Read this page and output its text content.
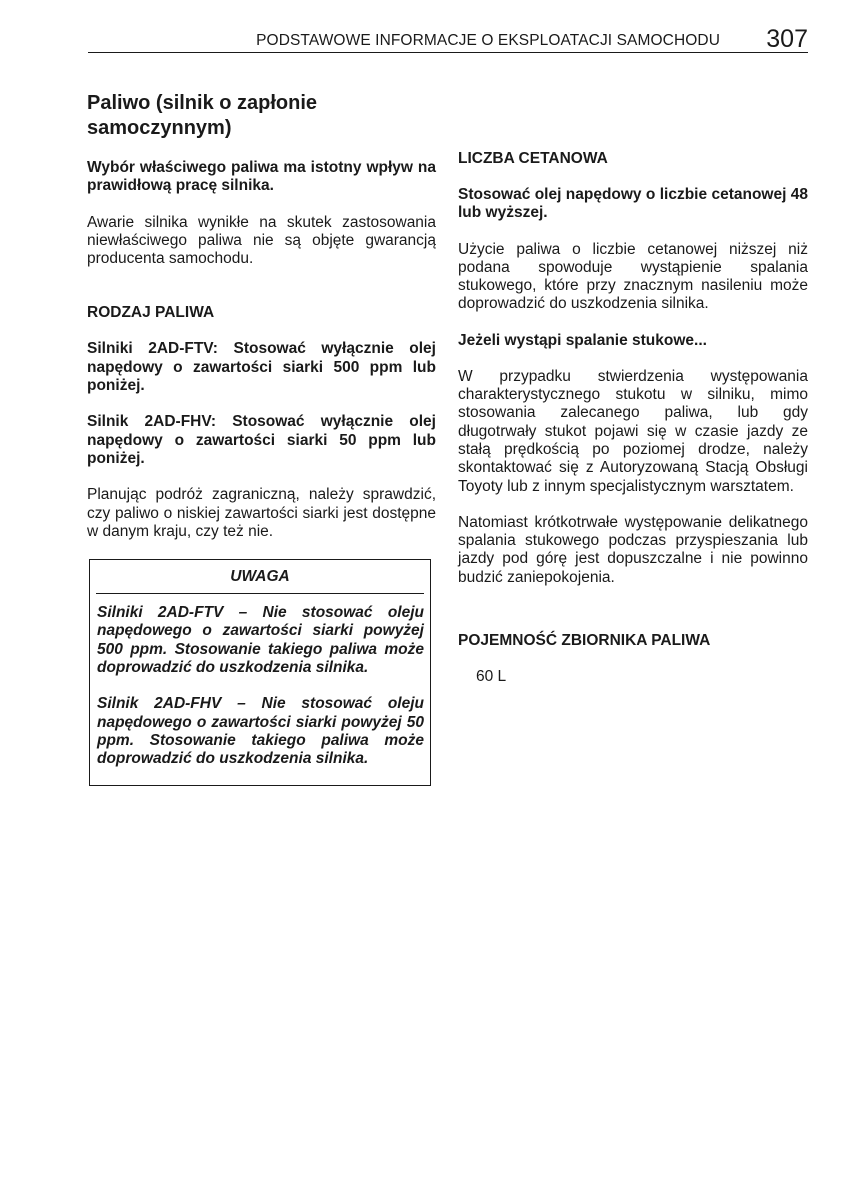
PODSTAWOWE INFORMACJE O EKSPLOATACJI SAMOCHODU 307
Paliwo (silnik o zapłonie
samoczynnym)

Wybór właściwego paliwa ma istotny wpływ na prawidłową pracę silnika.

Awarie silnika wynikłe na skutek zastosowania niewłaściwego paliwa nie są objęte gwarancją producenta samochodu.

RODZAJ PALIWA

Silniki 2AD-FTV: Stosować wyłącznie olej napędowy o zawartości siarki 500 ppm lub poniżej.

Silnik 2AD-FHV: Stosować wyłącznie olej napędowy o zawartości siarki 50 ppm lub poniżej.

Planując podróż zagraniczną, należy sprawdzić, czy paliwo o niskiej zawartości siarki jest dostępne w danym kraju, czy też nie.

UWAGA

Silniki 2AD-FTV – Nie stosować oleju napędowego o zawartości siarki powyżej 500 ppm. Stosowanie takiego paliwa może doprowadzić do uszkodzenia silnika.

Silnik 2AD-FHV – Nie stosować oleju napędowego o zawartości siarki powyżej 50 ppm. Stosowanie takiego paliwa może doprowadzić do uszkodzenia silnika.

LICZBA CETANOWA

Stosować olej napędowy o liczbie cetanowej 48 lub wyższej.

Użycie paliwa o liczbie cetanowej niższej niż podana spowoduje wystąpienie spalania stukowego, które przy znacznym nasileniu może doprowadzić do uszkodzenia silnika.

Jeżeli wystąpi spalanie stukowe...

W przypadku stwierdzenia występowania charakterystycznego stukotu w silniku, mimo stosowania zalecanego paliwa, lub gdy długotrwały stukot pojawi się w czasie jazdy ze stałą prędkością po poziomej drodze, należy skontaktować się z Autoryzowaną Stacją Obsługi Toyoty lub z innym specjalistycznym warsztatem.

Natomiast krótkotrwałe występowanie delikatnego spalania stukowego podczas przyspieszania lub jazdy pod górę jest dopuszczalne i nie powinno budzić zaniepokojenia.

POJEMNOŚĆ ZBIORNIKA PALIWA
60 L
